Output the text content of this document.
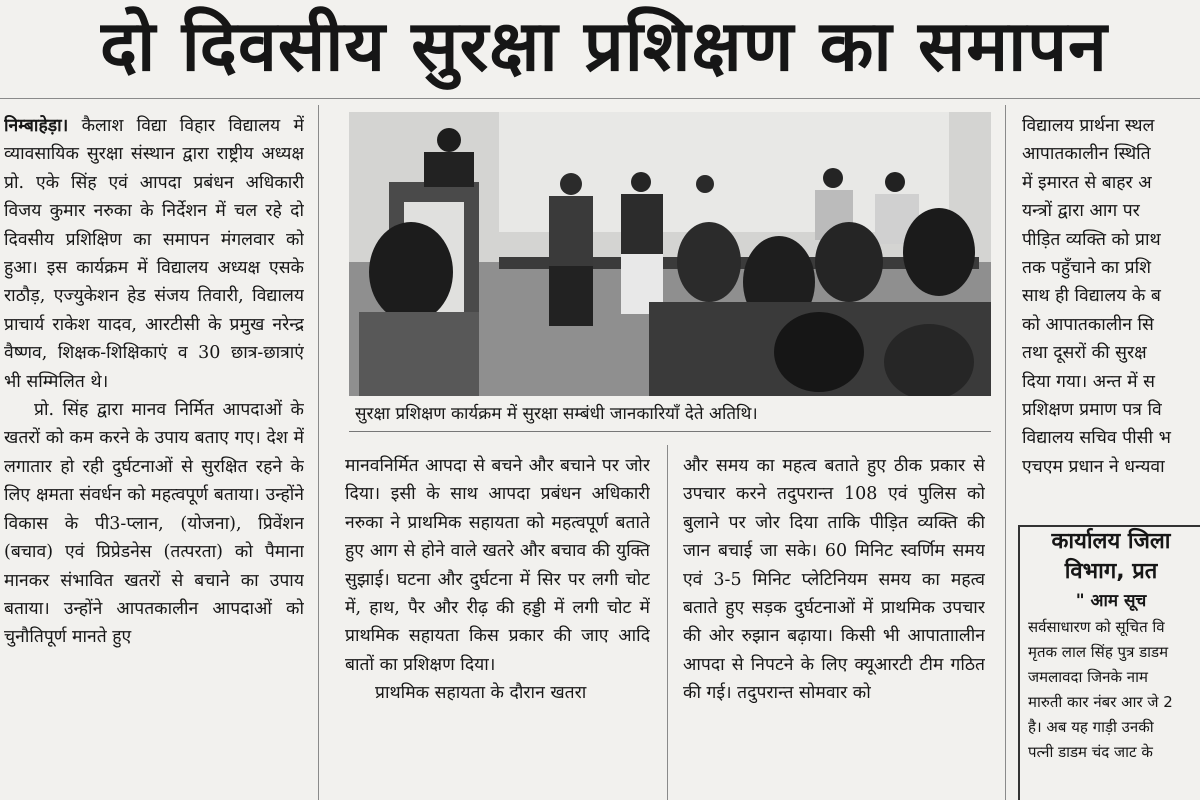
दो दिवसीय सुरक्षा प्रशिक्षण का समापन

निम्बाहेड़ा। कैलाश विद्या विहार विद्यालय में व्यावसायिक सुरक्षा संस्थान द्वारा राष्ट्रीय अध्यक्ष प्रो. एके सिंह एवं आपदा प्रबंधन अधिकारी विजय कुमार नरुका के निर्देशन में चल रहे दो दिवसीय प्रशिक्षिण का समापन मंगलवार को हुआ। इस कार्यक्रम में विद्यालय अध्यक्ष एसके राठौड़, एज्युकेशन हेड संजय तिवारी, विद्यालय प्राचार्य राकेश यादव, आरटीसी के प्रमुख नरेन्द्र वैष्णव, शिक्षक-शिक्षिकाएं व 30 छात्र-छात्राएं भी सम्मिलित थे।

प्रो. सिंह द्वारा मानव निर्मित आपदाओं के खतरों को कम करने के उपाय बताए गए। देश में लगातार हो रही दुर्घटनाओं से सुरक्षित रहने के लिए क्षमता संवर्धन को महत्वपूर्ण बताया। उन्होंने विकास के पी3-प्लान, (योजना), प्रिवेंशन (बचाव) एवं प्रिप्रेडनेस (तत्परता) को पैमाना मानकर संभावित खतरों से बचाने का उपाय बताया। उन्होंने आपतकालीन आपदाओं को चुनौतिपूर्ण मानते हुए

सुरक्षा प्रशिक्षण कार्यक्रम में सुरक्षा सम्बंधी जानकारियाँ देते अतिथि।

मानवनिर्मित आपदा से बचने और बचाने पर जोर दिया। इसी के साथ आपदा प्रबंधन अधिकारी नरुका ने प्राथमिक सहायता को महत्वपूर्ण बताते हुए आग से होने वाले खतरे और बचाव की युक्ति सुझाई। घटना और दुर्घटना में सिर पर लगी चोट में, हाथ, पैर और रीढ़ की हड्डी में लगी चोट में प्राथमिक सहायता किस प्रकार की जाए आदि बातों का प्रशिक्षण दिया।

प्राथमिक सहायता के दौरान खतरा

और समय का महत्व बताते हुए ठीक प्रकार से उपचार करने तदुपरान्त 108 एवं पुलिस को बुलाने पर जोर दिया ताकि पीड़ित व्यक्ति की जान बचाई जा सके। 60 मिनिट स्वर्णिम समय एवं 3-5 मिनिट प्लेटिनियम समय का महत्व बताते हुए सड़क दुर्घटनाओं में प्राथमिक उपचार की ओर रुझान बढ़ाया। किसी भी आपाताालीन आपदा से निपटने के लिए क्यूआरटी टीम गठित की गई। तदुपरान्त सोमवार को

विद्यालय प्रार्थना स्थल
आपातकालीन स्थिति
में इमारत से बाहर अ
यन्त्रों द्वारा आग पर
पीड़ित व्यक्ति को प्राथ
तक पहुँचाने का प्रशि
साथ ही विद्यालय के ब
को आपातकालीन सि
तथा दूसरों की सुरक्ष
दिया गया। अन्त में स
प्रशिक्षण प्रमाण पत्र वि
विद्यालय सचिव पीसी भ
एचएम प्रधान ने धन्यवा
कार्यालय जिला
विभाग, प्रत
" आम सूच
सर्वसाधारण को सूचित वि
मृतक लाल सिंह पुत्र डाडम
जमलावदा जिनके नाम
मारुती कार नंबर आर जे 2
है। अब यह गाड़ी उनकी
पत्नी डाडम चंद जाट के
